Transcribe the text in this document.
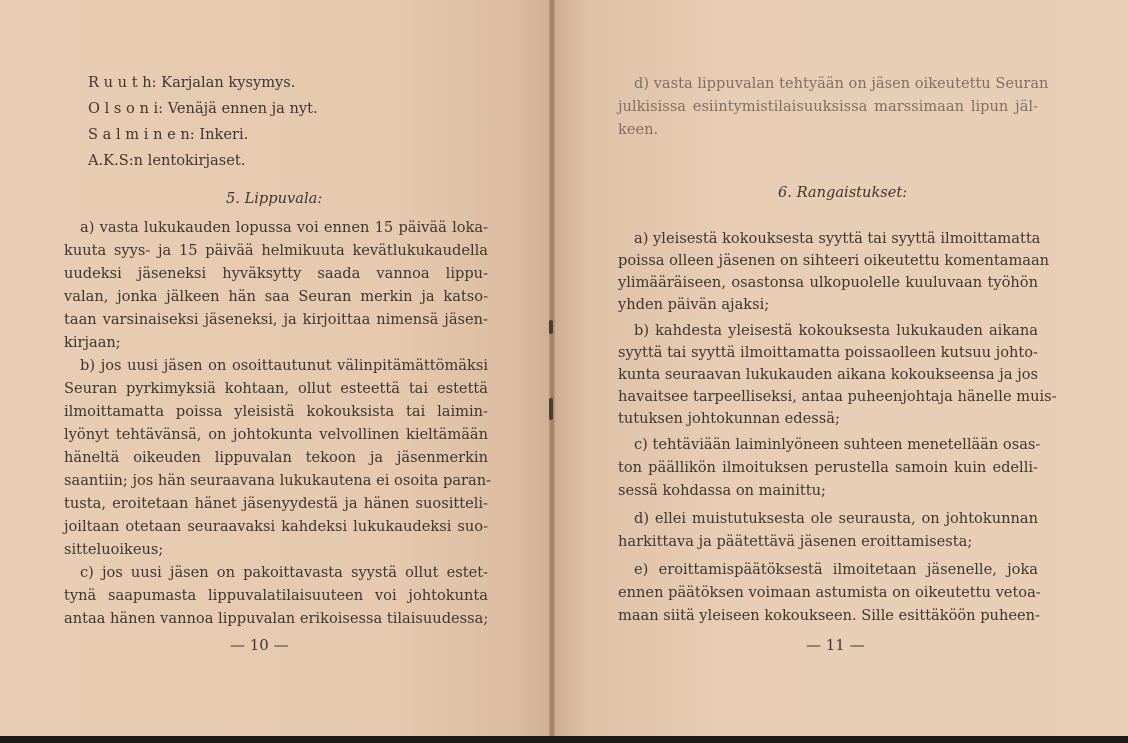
R u u t h: Karjalan kysymys.
O l s o n i: Venäjä ennen ja nyt.
S a l m i n e n: Inkeri.
A.K.S:n lentokirjaset.
5. Lippuvala:
a) vasta lukukauden lopussa voi ennen 15 päivää loka-
kuuta syys- ja 15 päivää helmikuuta kevätlukukaudella
uudeksi jäseneksi hyväksytty saada vannoa lippu-
valan, jonka jälkeen hän saa Seuran merkin ja katso-
taan varsinaiseksi jäseneksi, ja kirjoittaa nimensä jäsen-
kirjaan;
b) jos uusi jäsen on osoittautunut välinpitämättömäksi
Seuran pyrkimyksiä kohtaan, ollut esteettä tai estettä
ilmoittamatta poissa yleisistä kokouksista tai laimin-
lyönyt tehtävänsä, on johtokunta velvollinen kieltämään
häneltä oikeuden lippuvalan tekoon ja jäsenmerkin
saantiin; jos hän seuraavana lukukautena ei osoita paran-
tusta, eroitetaan hänet jäsenyydestä ja hänen suositteli-
joiltaan otetaan seuraavaksi kahdeksi lukukaudeksi suo-
sitteluoikeus;
c) jos uusi jäsen on pakoittavasta syystä ollut estet-
tynä saapumasta lippuvalatilaisuuteen voi johtokunta
antaa hänen vannoa lippuvalan erikoisessa tilaisuudessa;
— 10 —
d) vasta lippuvalan tehtyään on jäsen oikeutettu Seuran
julkisissa esiintymistilaisuuksissa marssimaan lipun jäl-
keen.
6. Rangaistukset:
a) yleisestä kokouksesta syyttä tai syyttä ilmoittamatta
poissa olleen jäsenen on sihteeri oikeutettu komentamaan
ylimääräiseen, osastonsa ulkopuolelle kuuluvaan työhön
yhden päivän ajaksi;
b) kahdesta yleisestä kokouksesta lukukauden aikana
syyttä tai syyttä ilmoittamatta poissaolleen kutsuu johto-
kunta seuraavan lukukauden aikana kokoukseensa ja jos
havaitsee tarpeelliseksi, antaa puheenjohtaja hänelle muis-
tutuksen johtokunnan edessä;
c) tehtäviään laiminlyöneen suhteen menetellään osas-
ton päällikön ilmoituksen perustella samoin kuin edelli-
sessä kohdassa on mainittu;
d) ellei muistutuksesta ole seurausta, on johtokunnan
harkittava ja päätettävä jäsenen eroittamisesta;
e) eroittamispäätöksestä ilmoitetaan jäsenelle, joka
ennen päätöksen voimaan astumista on oikeutettu vetoa-
maan siitä yleiseen kokoukseen. Sille esittäköön puheen-
— 11 —
